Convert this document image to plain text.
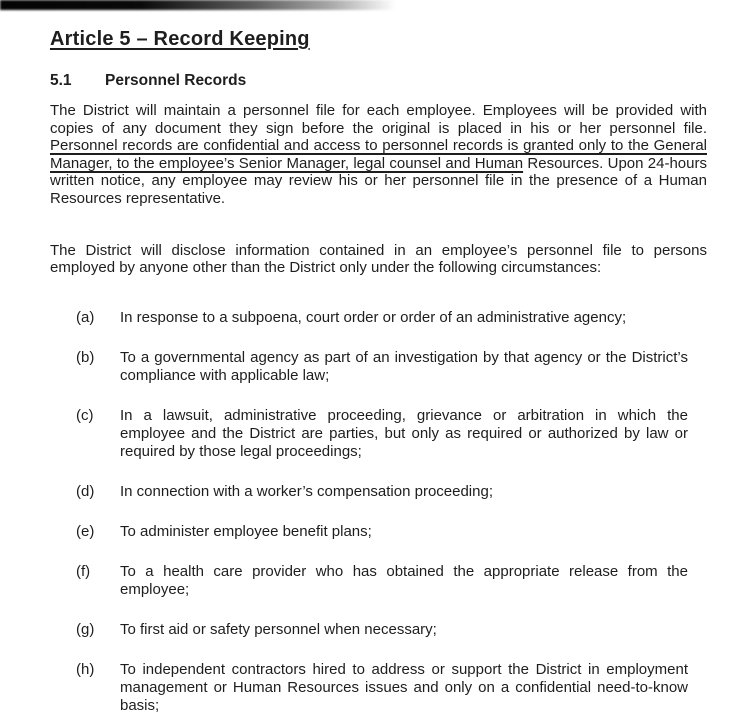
Article 5 – Record Keeping
5.1 Personnel Records

The District will maintain a personnel file for each employee. Employees will be provided with copies of any document they sign before the original is placed in his or her personnel file. Personnel records are confidential and access to personnel records is granted only to the General Manager, to the employee’s Senior Manager, legal counsel and Human Resources. Upon 24-hours written notice, any employee may review his or her personnel file in the presence of a Human Resources representative.

The District will disclose information contained in an employee’s personnel file to persons employed by anyone other than the District only under the following circumstances:

(a)	In response to a subpoena, court order or order of an administrative agency;
(b)	To a governmental agency as part of an investigation by that agency or the District’s compliance with applicable law;
(c)	In a lawsuit, administrative proceeding, grievance or arbitration in which the employee and the District are parties, but only as required or authorized by law or required by those legal proceedings;
(d)	In connection with a worker’s compensation proceeding;
(e)	To administer employee benefit plans;
(f)	To a health care provider who has obtained the appropriate release from the employee;
(g)	To first aid or safety personnel when necessary;
(h)	To independent contractors hired to address or support the District in employment management or Human Resources issues and only on a confidential need-to-know basis;
